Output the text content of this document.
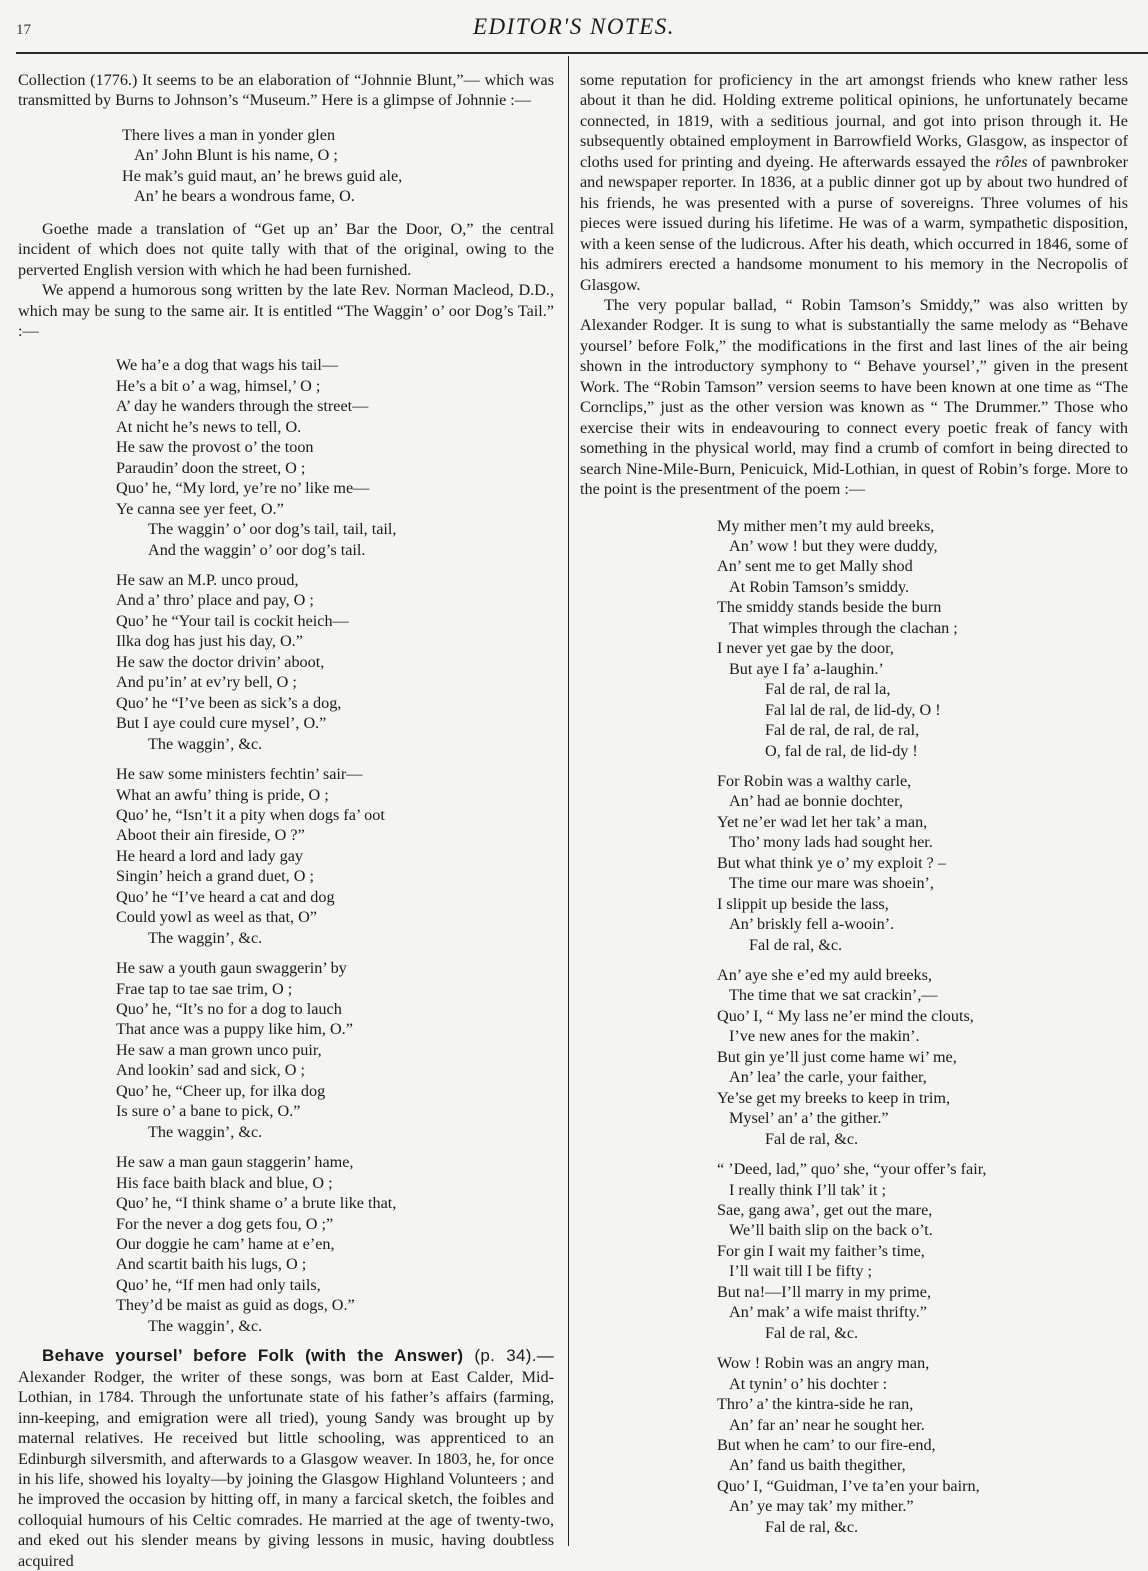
17	EDITOR'S NOTES.

Collection (1776.) It seems to be an elaboration of “Johnnie Blunt,”— which was transmitted by Burns to Johnson’s “Museum.” Here is a glimpse of Johnnie :—

There lives a man in yonder glen
An’ John Blunt is his name, O ;
He mak’s guid maut, an’ he brews guid ale,
An’ he bears a wondrous fame, O.

Goethe made a translation of “Get up an’ Bar the Door, O,” the central incident of which does not quite tally with that of the original, owing to the perverted English version with which he had been furnished.

We append a humorous song written by the late Rev. Norman Macleod, D.D., which may be sung to the same air. It is entitled “The Waggin’ o’ oor Dog’s Tail.” :—

We ha’e a dog that wags his tail—
He’s a bit o’ a wag, himsel,’ O ;
A’ day he wanders through the street—
At nicht he’s news to tell, O.
He saw the provost o’ the toon
Paraudin’ doon the street, O ;
Quo’ he, “My lord, ye’re no’ like me—
Ye canna see yer feet, O.”
The waggin’ o’ oor dog’s tail, tail, tail,
And the waggin’ o’ oor dog’s tail.
He saw an M.P. unco proud,
And a’ thro’ place and pay, O ;
Quo’ he “Your tail is cockit heich—
Ilka dog has just his day, O.”
He saw the doctor drivin’ aboot,
And pu’in’ at ev’ry bell, O ;
Quo’ he “I’ve been as sick’s a dog,
But I aye could cure mysel’, O.”
The waggin’, &c.
He saw some ministers fechtin’ sair—
What an awfu’ thing is pride, O ;
Quo’ he, “Isn’t it a pity when dogs fa’ oot
Aboot their ain fireside, O ?”
He heard a lord and lady gay
Singin’ heich a grand duet, O ;
Quo’ he “I’ve heard a cat and dog
Could yowl as weel as that, O”
The waggin’, &c.
He saw a youth gaun swaggerin’ by
Frae tap to tae sae trim, O ;
Quo’ he, “It’s no for a dog to lauch
That ance was a puppy like him, O.”
He saw a man grown unco puir,
And lookin’ sad and sick, O ;
Quo’ he, “Cheer up, for ilka dog
Is sure o’ a bane to pick, O.”
The waggin’, &c.
He saw a man gaun staggerin’ hame,
His face baith black and blue, O ;
Quo’ he, “I think shame o’ a brute like that,
For the never a dog gets fou, O ;”
Our doggie he cam’ hame at e’en,
And scartit baith his lugs, O ;
Quo’ he, “If men had only tails,
They’d be maist as guid as dogs, O.”
The waggin’, &c.

Behave yoursel’ before Folk (with the Answer) (p. 34).— Alexander Rodger, the writer of these songs, was born at East Calder, Mid-Lothian, in 1784. Through the unfortunate state of his father’s affairs (farming, inn-keeping, and emigration were all tried), young Sandy was brought up by maternal relatives. He received but little schooling, was apprenticed to an Edinburgh silversmith, and afterwards to a Glasgow weaver. In 1803, he, for once in his life, showed his loyalty—by joining the Glasgow Highland Volunteers ; and he improved the occasion by hitting off, in many a farcical sketch, the foibles and colloquial humours of his Celtic comrades. He married at the age of twenty-two, and eked out his slender means by giving lessons in music, having doubtless acquired

some reputation for proficiency in the art amongst friends who knew rather less about it than he did. Holding extreme political opinions, he unfortunately became connected, in 1819, with a seditious journal, and got into prison through it. He subsequently obtained employment in Barrowfield Works, Glasgow, as inspector of cloths used for printing and dyeing. He afterwards essayed the rôles of pawnbroker and newspaper reporter. In 1836, at a public dinner got up by about two hundred of his friends, he was presented with a purse of sovereigns. Three volumes of his pieces were issued during his lifetime. He was of a warm, sympathetic disposition, with a keen sense of the ludicrous. After his death, which occurred in 1846, some of his admirers erected a handsome monument to his memory in the Necropolis of Glasgow.

The very popular ballad, “ Robin Tamson’s Smiddy,” was also written by Alexander Rodger. It is sung to what is substantially the same melody as “Behave yoursel’ before Folk,” the modifications in the first and last lines of the air being shown in the introductory symphony to “ Behave yoursel’,” given in the present Work. The “Robin Tamson” version seems to have been known at one time as “The Cornclips,” just as the other version was known as “ The Drummer.” Those who exercise their wits in endeavouring to connect every poetic freak of fancy with something in the physical world, may find a crumb of comfort in being directed to search Nine-Mile-Burn, Penicuick, Mid-Lothian, in quest of Robin’s forge. More to the point is the presentment of the poem :—

My mither men’t my auld breeks,
An’ wow ! but they were duddy,
An’ sent me to get Mally shod
At Robin Tamson’s smiddy.
The smiddy stands beside the burn
That wimples through the clachan ;
I never yet gae by the door,
But aye I fa’ a-laughin.’
Fal de ral, de ral la,
Fal lal de ral, de lid-dy, O !
Fal de ral, de ral, de ral,
O, fal de ral, de lid-dy !
For Robin was a walthy carle,
An’ had ae bonnie dochter,
Yet ne’er wad let her tak’ a man,
Tho’ mony lads had sought her.
But what think ye o’ my exploit ? –
The time our mare was shoein’,
I slippit up beside the lass,
An’ briskly fell a-wooin’.
Fal de ral, &c.
An’ aye she e’ed my auld breeks,
The time that we sat crackin’,—
Quo’ I, “ My lass ne’er mind the clouts,
I’ve new anes for the makin’.
But gin ye’ll just come hame wi’ me,
An’ lea’ the carle, your faither,
Ye’se get my breeks to keep in trim,
Mysel’ an’ a’ the gither.”
Fal de ral, &c.
“ ’Deed, lad,” quo’ she, “your offer’s fair,
I really think I’ll tak’ it ;
Sae, gang awa’, get out the mare,
We’ll baith slip on the back o’t.
For gin I wait my faither’s time,
I’ll wait till I be fifty ;
But na!—I’ll marry in my prime,
An’ mak’ a wife maist thrifty.”
Fal de ral, &c.
Wow ! Robin was an angry man,
At tynin’ o’ his dochter :
Thro’ a’ the kintra-side he ran,
An’ far an’ near he sought her.
But when he cam’ to our fire-end,
An’ fand us baith thegither,
Quo’ I, “Guidman, I’ve ta’en your bairn,
An’ ye may tak’ my mither.”
Fal de ral, &c.
